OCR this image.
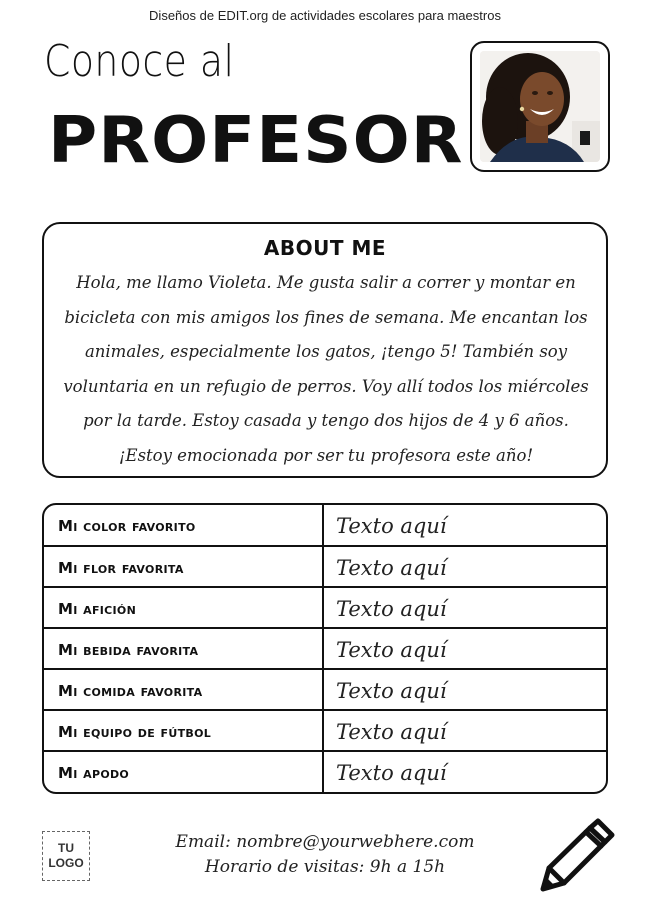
Diseños de EDIT.org de actividades escolares para maestros
Conoce al
PROFESOR
ABOUT ME
Hola, me llamo Violeta. Me gusta salir a correr y montar en bicicleta con mis amigos los fines de semana. Me encantan los animales, especialmente los gatos, ¡tengo 5! También soy voluntaria en un refugio de perros. Voy allí todos los miércoles por la tarde. Estoy casada y tengo dos hijos de 4 y 6 años. ¡Estoy emocionada por ser tu profesora este año!
Mi color favorito	Texto aquí
Mi flor favorita	Texto aquí
Mi afición	Texto aquí
Mi bebida favorita	Texto aquí
Mi comida favorita	Texto aquí
Mi equipo de fútbol	Texto aquí
Mi apodo	Texto aquí
TU
LOGO
Email: nombre@yourwebhere.com
Horario de visitas: 9h a 15h
